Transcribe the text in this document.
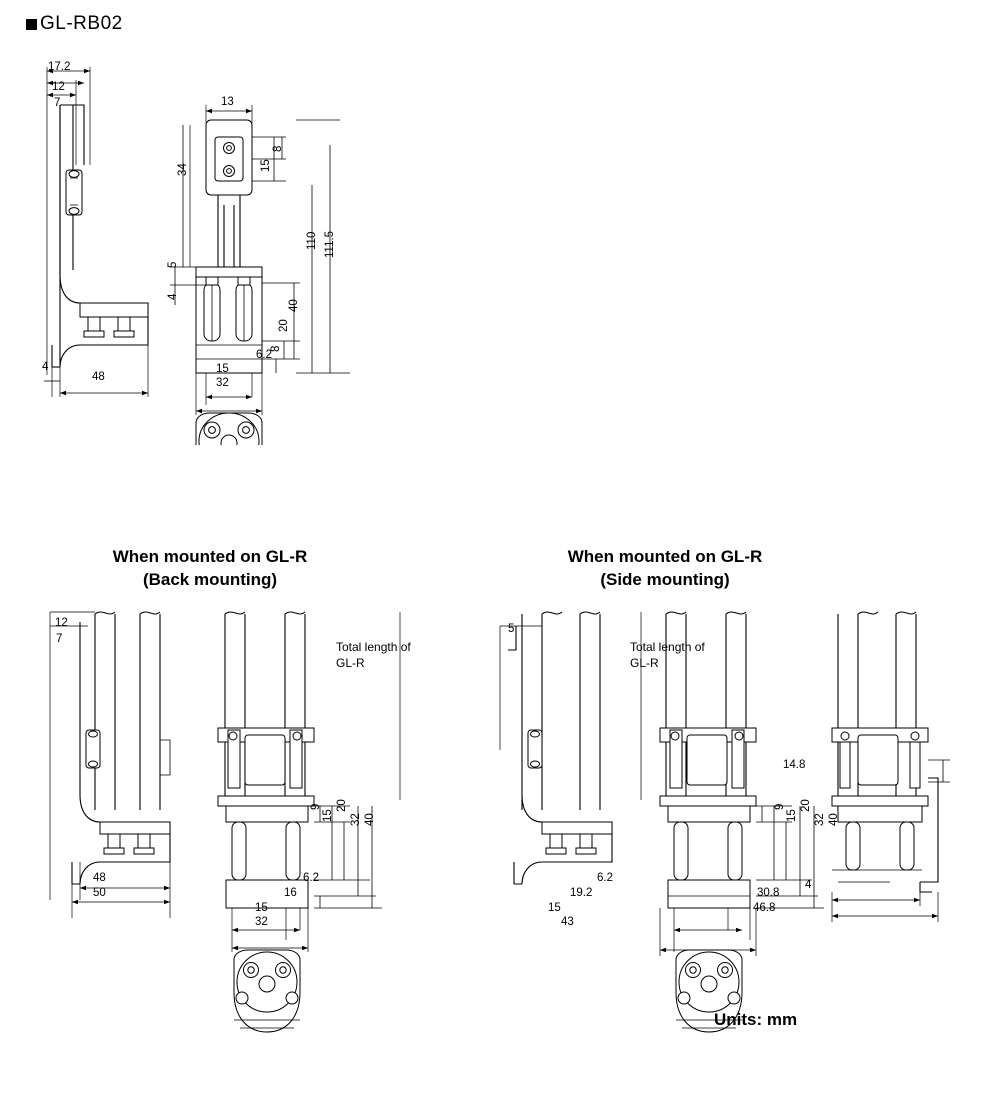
GL-RB02
17.2
12
7
4
48
13
8
15
34
5
4
110 111.5
40
20
8
6.2
15
32
When mounted on GL-R
(Back mounting)
When mounted on GL-R
(Side mounting)
12
7
48
50
9
15
20
32 40
6.2
16
15
32
Total length of
GL-R
5
9
15
20
32 40
6.2
19.2
15
43
14.8
30.8
4
46.8
Total length of
GL-R
Units: mm
